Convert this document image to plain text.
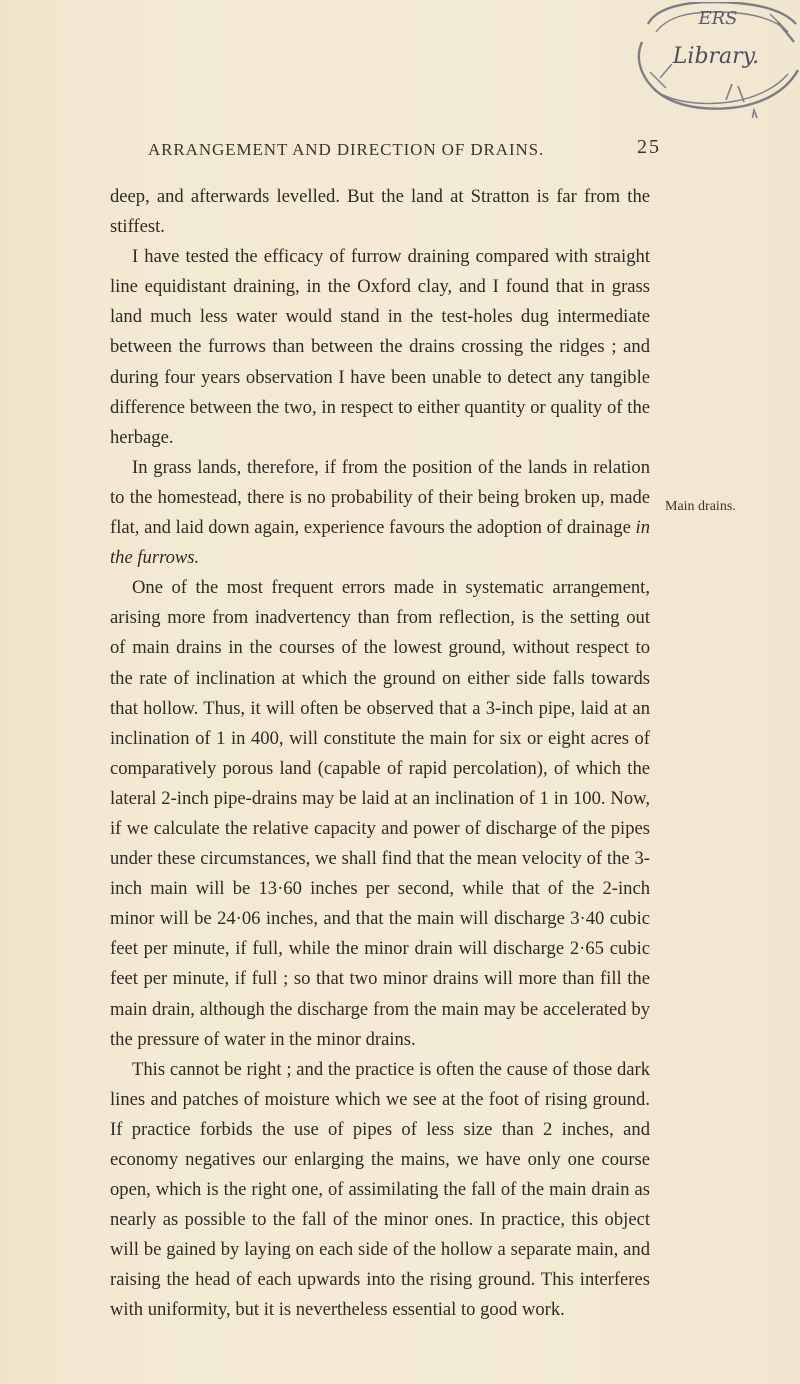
ERS
Library.
ARRANGEMENT AND DIRECTION OF DRAINS.	25

deep, and afterwards levelled. But the land at Stratton is far from the stiffest.

I have tested the efficacy of furrow draining compared with straight line equidistant draining, in the Oxford clay, and I found that in grass land much less water would stand in the test-holes dug intermediate between the furrows than between the drains crossing the ridges ; and during four years observation I have been unable to detect any tangible difference between the two, in respect to either quantity or quality of the herbage.

In grass lands, therefore, if from the position of the lands in relation to the homestead, there is no probability of their being broken up, made flat, and laid down again, experience favours the adoption of drainage in the furrows.

One of the most frequent errors made in systematic arrangement, arising more from inadvertency than from reflection, is the setting out of main drains in the courses of the lowest ground, without respect to the rate of inclination at which the ground on either side falls towards that hollow. Thus, it will often be observed that a 3-inch pipe, laid at an inclination of 1 in 400, will constitute the main for six or eight acres of comparatively porous land (capable of rapid percolation), of which the lateral 2-inch pipe-drains may be laid at an inclination of 1 in 100. Now, if we calculate the relative capacity and power of discharge of the pipes under these circumstances, we shall find that the mean velocity of the 3-inch main will be 13·60 inches per second, while that of the 2-inch minor will be 24·06 inches, and that the main will discharge 3·40 cubic feet per minute, if full, while the minor drain will discharge 2·65 cubic feet per minute, if full ; so that two minor drains will more than fill the main drain, although the discharge from the main may be accelerated by the pressure of water in the minor drains.

This cannot be right ; and the practice is often the cause of those dark lines and patches of moisture which we see at the foot of rising ground. If practice forbids the use of pipes of less size than 2 inches, and economy negatives our enlarging the mains, we have only one course open, which is the right one, of assimilating the fall of the main drain as nearly as possible to the fall of the minor ones. In practice, this object will be gained by laying on each side of the hollow a separate main, and raising the head of each upwards into the rising ground. This interferes with uniformity, but it is nevertheless essential to good work.

Main drains.
